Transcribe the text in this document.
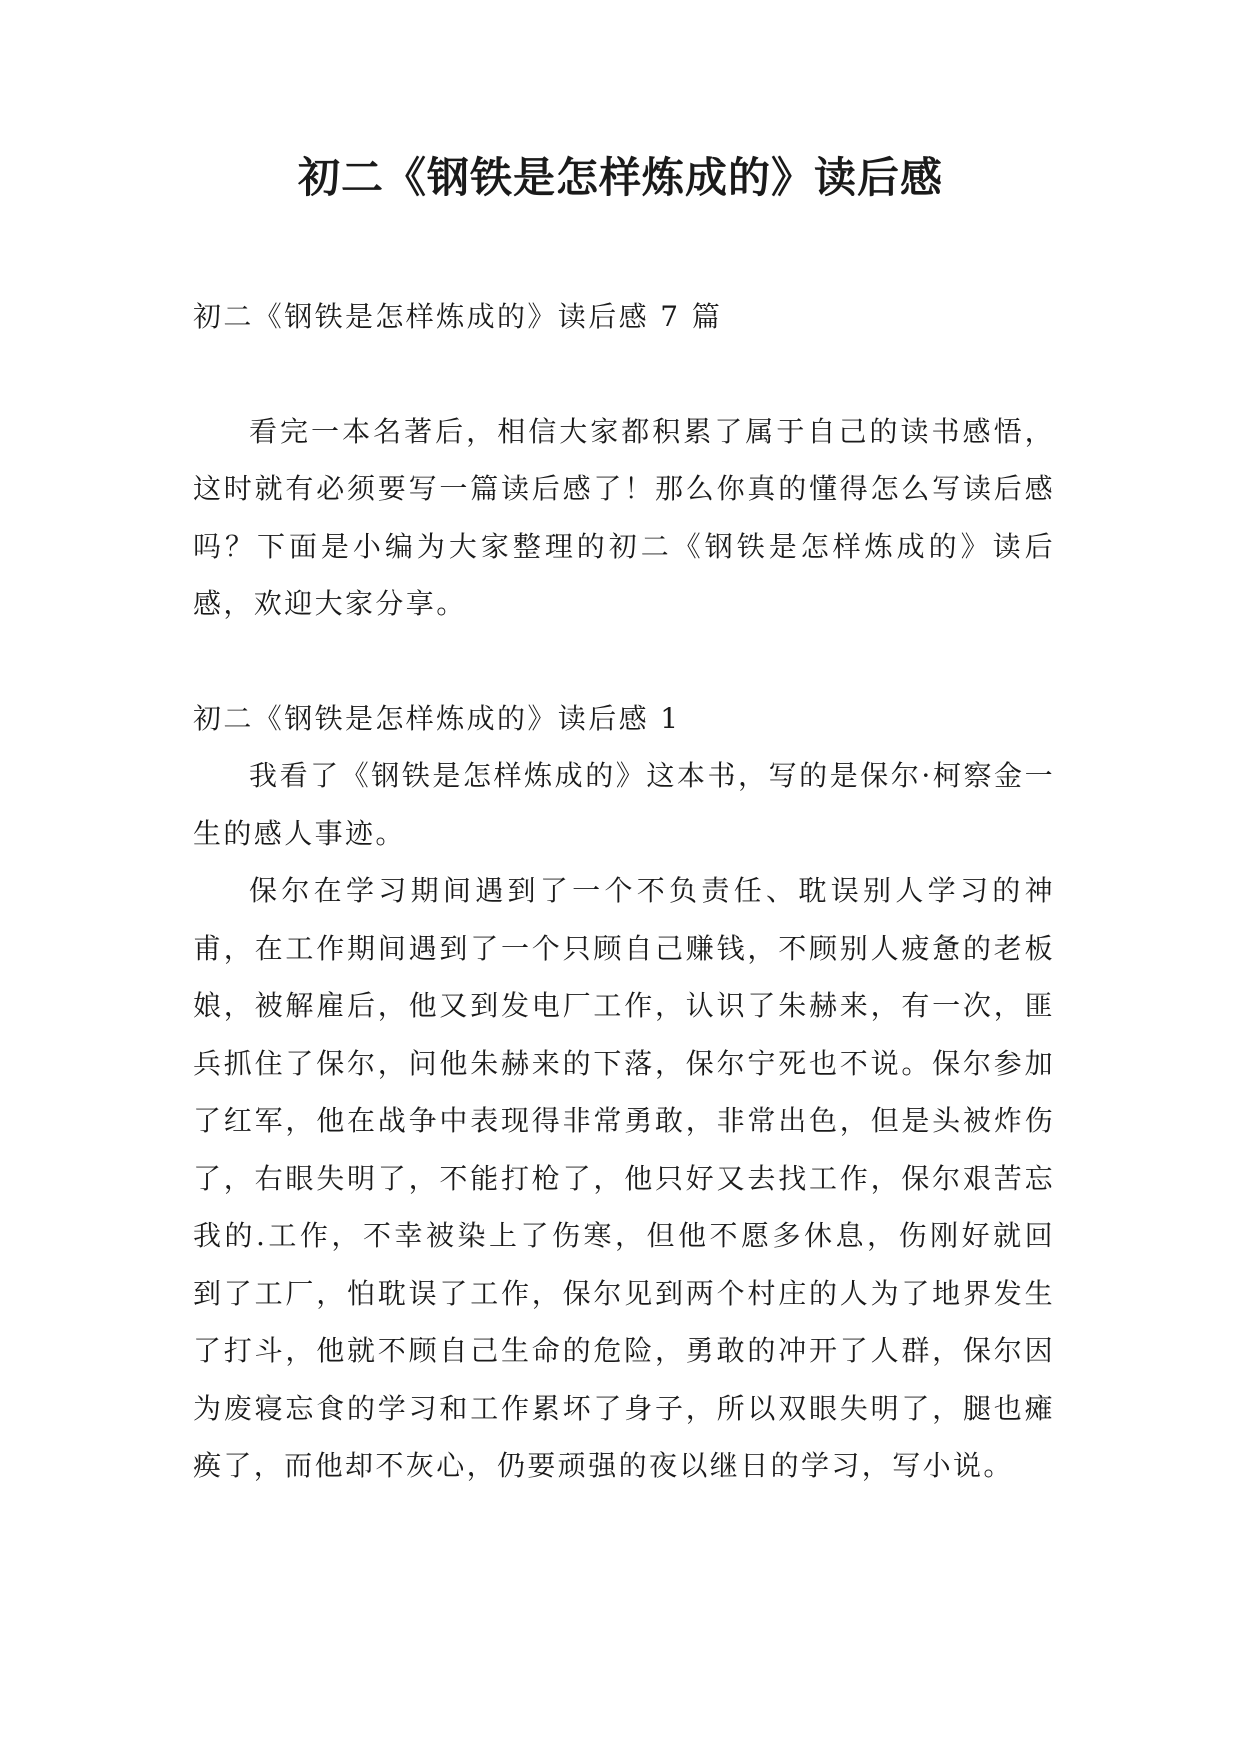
初二《钢铁是怎样炼成的》读后感

初二《钢铁是怎样炼成的》读后感 7 篇

看完一本名著后，相信大家都积累了属于自己的读书感悟，这时就有必须要写一篇读后感了！那么你真的懂得怎么写读后感吗？下面是小编为大家整理的初二《钢铁是怎样炼成的》读后感，欢迎大家分享。

初二《钢铁是怎样炼成的》读后感 1

我看了《钢铁是怎样炼成的》这本书，写的是保尔·柯察金一生的感人事迹。

保尔在学习期间遇到了一个不负责任、耽误别人学习的神甫，在工作期间遇到了一个只顾自己赚钱，不顾别人疲惫的老板娘，被解雇后，他又到发电厂工作，认识了朱赫来，有一次，匪兵抓住了保尔，问他朱赫来的下落，保尔宁死也不说。保尔参加了红军，他在战争中表现得非常勇敢，非常出色，但是头被炸伤了，右眼失明了，不能打枪了，他只好又去找工作，保尔艰苦忘我的.工作，不幸被染上了伤寒，但他不愿多休息，伤刚好就回到了工厂，怕耽误了工作，保尔见到两个村庄的人为了地界发生了打斗，他就不顾自己生命的危险，勇敢的冲开了人群，保尔因为废寝忘食的学习和工作累坏了身子，所以双眼失明了，腿也瘫痪了，而他却不灰心，仍要顽强的夜以继日的学习，写小说。
